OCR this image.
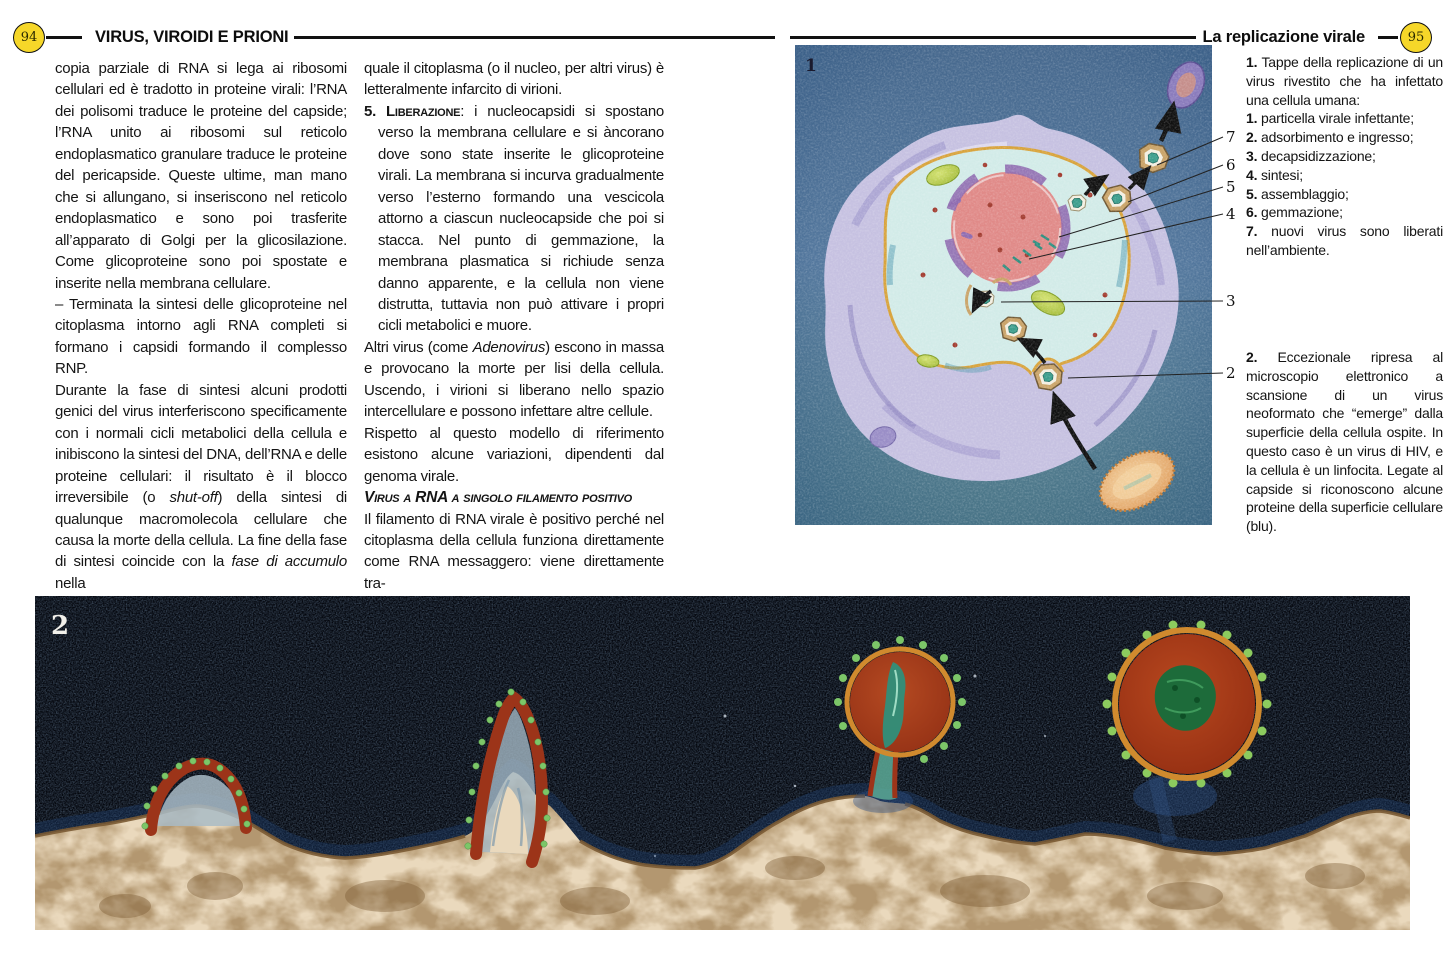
94	VIRUS, VIROIDI E PRIONI	La replicazione virale	95

copia parziale di RNA si lega ai ribosomi cellulari ed è tradotto in proteine virali: l’RNA dei polisomi traduce le proteine del capside; l’RNA unito ai ribosomi sul reticolo endoplasmatico granulare traduce le proteine del pericapside. Queste ultime, man mano che si allungano, si inseriscono nel reticolo endoplasmatico e sono poi trasferite all’apparato di Golgi per la glicosilazione. Come glicoproteine sono poi spostate e inserite nella membrana cellulare.

– Terminata la sintesi delle glicoproteine nel citoplasma intorno agli RNA completi si formano i capsidi formando il complesso RNP.

Durante la fase di sintesi alcuni prodotti genici del virus interferiscono specificamente con i normali cicli metabolici della cellula e inibiscono la sintesi del DNA, dell’RNA e delle proteine cellulari: il risultato è il blocco irreversibile (o shut-off) della sintesi di qualunque macromolecola cellulare che causa la morte della cellula. La fine della fase di sintesi coincide con la fase di accumulo nella

quale il citoplasma (o il nucleo, per altri virus) è letteralmente infarcito di virioni.

5. Liberazione: i nucleocapsidi si spostano verso la membrana cellulare e si àncorano dove sono state inserite le glicoproteine virali. La membrana si incurva gradualmente verso l’esterno formando una vescicola attorno a ciascun nucleocapside che poi si stacca. Nel punto di gemmazione, la membrana plasmatica si richiude senza danno apparente, e la cellula non viene distrutta, tuttavia non può attivare i propri cicli metabolici e muore.

Altri virus (come Adenovirus) escono in massa e provocano la morte per lisi della cellula. Uscendo, i virioni si liberano nello spazio intercellulare e possono infettare altre cellule.

Rispetto al questo modello di riferimento esistono alcune variazioni, dipendenti dal genoma virale.

Virus a RNA a singolo filamento positivo

Il filamento di RNA virale è positivo perché nel citoplasma della cellula funziona direttamente come RNA messaggero: viene direttamente tra-

1
7
6
5
4
3
2

1. Tappe della replicazione di un virus rivestito che ha infettato una cellula umana:

1. particella virale infettante;

2. adsorbimento e ingresso;

3. decapsidizzazione;

4. sintesi;

5. assemblaggio;

6. gemmazione;

7. nuovi virus sono liberati nell’ambiente.

2. Eccezionale ripresa al microscopio elettronico a scansione di un virus neoformato che “emerge” dalla superficie della cellula ospite. In questo caso è un virus di HIV, e la cellula è un linfocita. Legate al capside si riconoscono alcune proteine della superficie cellulare (blu).

2
